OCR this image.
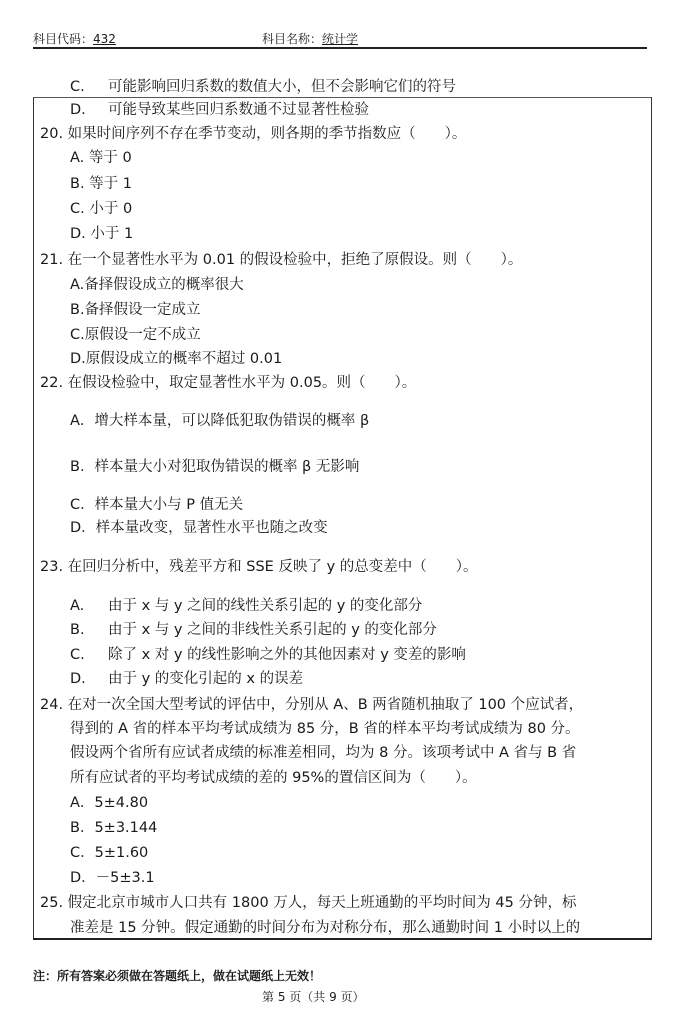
科目代码：432	科目名称：统计学
C. 可能影响回归系数的数值大小，但不会影响它们的符号
D. 可能导致某些回归系数通不过显著性检验
20. 如果时间序列不存在季节变动，则各期的季节指数应（　　）。
A. 等于 0
B. 等于 1
C. 小于 0
D. 小于 1
21. 在一个显著性水平为 0.01 的假设检验中，拒绝了原假设。则（　　）。
A.备择假设成立的概率很大
B.备择假设一定成立
C.原假设一定不成立
D.原假设成立的概率不超过 0.01
22. 在假设检验中，取定显著性水平为 0.05。则（　　）。
A．增大样本量，可以降低犯取伪错误的概率 β
B．样本量大小对犯取伪错误的概率 β 无影响
C．样本量大小与 P 值无关
D．样本量改变，显著性水平也随之改变
23. 在回归分析中，残差平方和 SSE 反映了 y 的总变差中（　　）。
A. 由于 x 与 y 之间的线性关系引起的 y 的变化部分
B. 由于 x 与 y 之间的非线性关系引起的 y 的变化部分
C. 除了 x 对 y 的线性影响之外的其他因素对 y 变差的影响
D. 由于 y 的变化引起的 x 的误差
24. 在对一次全国大型考试的评估中，分别从 A、B 两省随机抽取了 100 个应试者，
得到的 A 省的样本平均考试成绩为 85 分，B 省的样本平均考试成绩为 80 分。
假设两个省所有应试者成绩的标准差相同，均为 8 分。该项考试中 A 省与 B 省
所有应试者的平均考试成绩的差的 95%的置信区间为（　　）。
A．5±4.80
B．5±3.144
C．5±1.60
D．－5±3.1
25. 假定北京市城市人口共有 1800 万人，每天上班通勤的平均时间为 45 分钟，标
准差是 15 分钟。假定通勤的时间分布为对称分布，那么通勤时间 1 小时以上的
注：所有答案必须做在答题纸上，做在试题纸上无效！
第 5 页（共 9 页）
